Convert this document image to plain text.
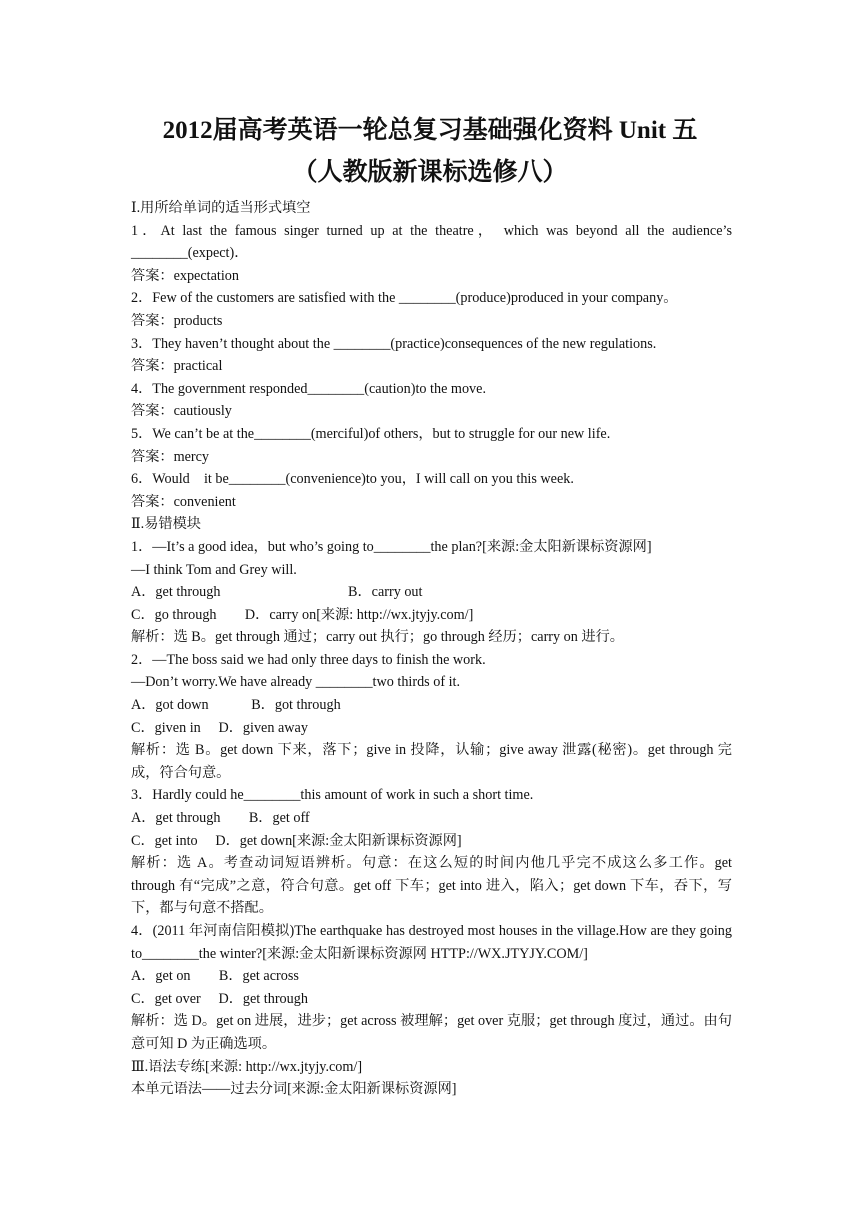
2012届高考英语一轮总复习基础强化资料 Unit 五
（人教版新课标选修八）
Ⅰ.用所给单词的适当形式填空
1．At last the famous singer turned up at the theatre， which was beyond all the audience’s ________(expect)．
答案：expectation
2．Few of the customers are satisfied with the ________(produce)produced in your company。
答案：products
3．They haven’t thought about the ________(practice)consequences of the new regulations.
答案：practical
4．The government responded________(caution)to the move.
答案：cautiously
5．We can’t be at the________(merciful)of others，but to struggle for our new life.
答案：mercy
6．Would　it be________(convenience)to you，I will call on you this week.
答案：convenient
Ⅱ.易错模块
1．—It’s a good idea，but who’s going to________the plan?[来源:金太阳新课标资源网]
—I think Tom and Grey will.
A．get through	B．carry out
C．go through　　D．carry on[来源: http://wx.jtyjy.com/]
解析：选 B。get through 通过；carry out 执行；go through 经历；carry on 进行。
2．—The boss said we had only three days to finish the work.
—Don’t worry.We have already ________two thirds of it.
A．got down　　　B．got through
C．given in　 D．given away
解析：选 B。get down 下来，落下；give in 投降，认输；give away 泄露(秘密)。get through 完成，符合句意。
3．Hardly could he________this amount of work in such a short time.
A．get through　　B．get off
C．get into　 D．get down[来源:金太阳新课标资源网]
解析：选 A。考查动词短语辨析。句意：在这么短的时间内他几乎完不成这么多工作。get through 有“完成”之意，符合句意。get off 下车；get into 进入，陷入；get down 下车，吞下，写下，都与句意不搭配。
4．(2011 年河南信阳模拟)The earthquake has destroyed most houses in the village.How are they going to________the winter?[来源:金太阳新课标资源网 HTTP://WX.JTYJY.COM/]
A．get on　　B．get across
C．get over　 D．get through
解析：选 D。get on 进展，进步；get across 被理解；get over 克服；get through 度过，通过。由句意可知 D 为正确选项。
Ⅲ.语法专练[来源: http://wx.jtyjy.com/]
本单元语法——过去分词[来源:金太阳新课标资源网]
